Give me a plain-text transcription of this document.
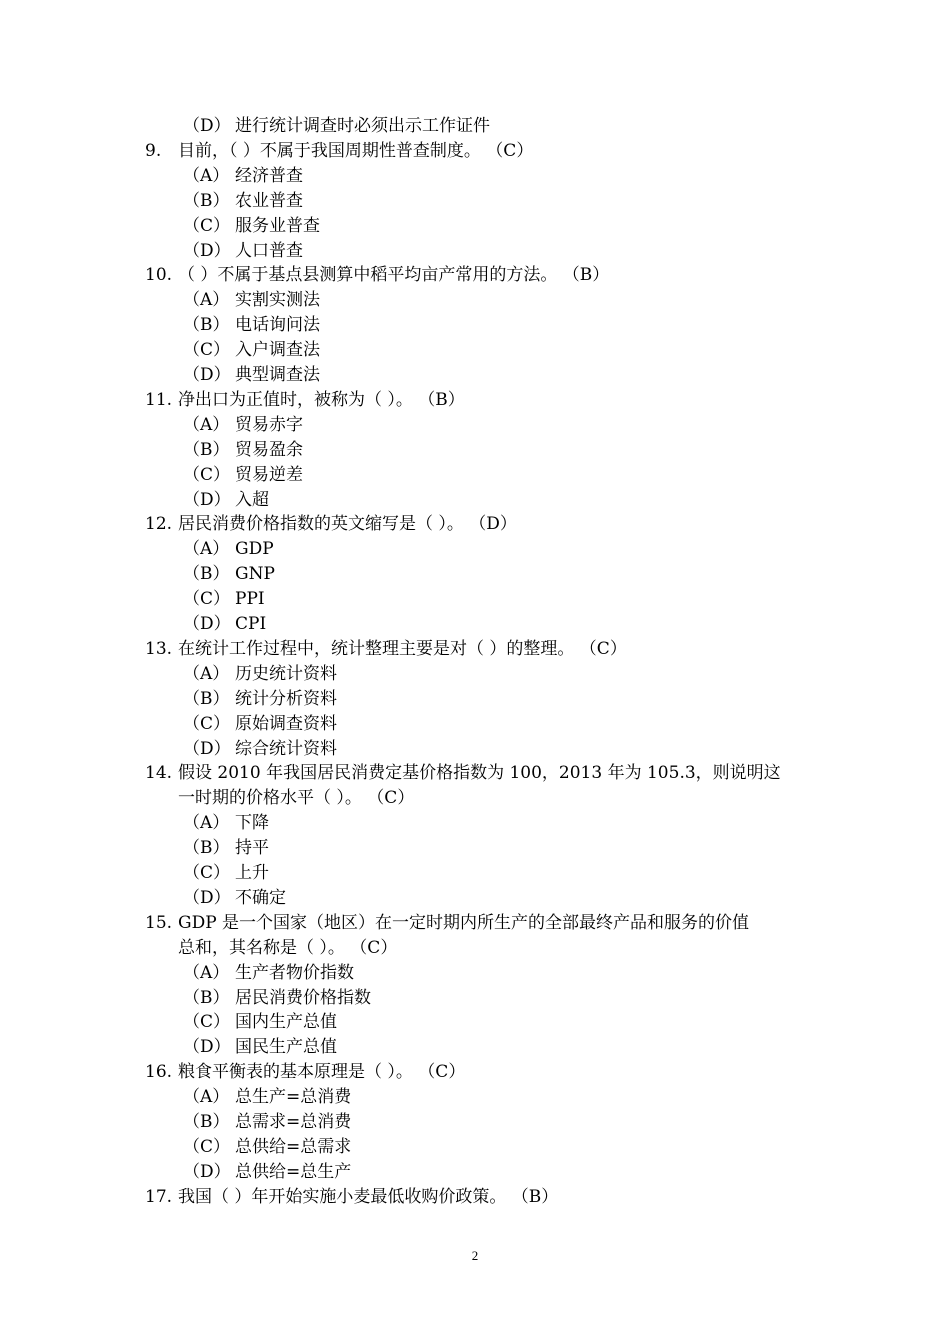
2
（D） 进行统计调查时必须出示工作证件
9. 目前，（ ）不属于我国周期性普查制度。 （C）
（A） 经济普查
（B） 农业普查
（C） 服务业普查
（D） 人口普查
10. （ ）不属于基点县测算中稻平均亩产常用的方法。 （B）
（A） 实割实测法
（B） 电话询问法
（C） 入户调查法
（D） 典型调查法
11. 净出口为正值时，被称为（ ）。 （B）
（A） 贸易赤字
（B） 贸易盈余
（C） 贸易逆差
（D） 入超
12. 居民消费价格指数的英文缩写是（ ）。 （D）
（A） GDP
（B） GNP
（C） PPI
（D） CPI
13. 在统计工作过程中，统计整理主要是对（ ）的整理。 （C）
（A） 历史统计资料
（B） 统计分析资料
（C） 原始调查资料
（D） 综合统计资料
14. 假设 2010 年我国居民消费定基价格指数为 100，2013 年为 105.3，则说明这
一时期的价格水平（ ）。 （C）
（A） 下降
（B） 持平
（C） 上升
（D） 不确定
15. GDP 是一个国家（地区）在一定时期内所生产的全部最终产品和服务的价值
总和，其名称是（ ）。 （C）
（A） 生产者物价指数
（B） 居民消费价格指数
（C） 国内生产总值
（D） 国民生产总值
16. 粮食平衡表的基本原理是（ ）。 （C）
（A） 总生产=总消费
（B） 总需求=总消费
（C） 总供给=总需求
（D） 总供给=总生产
17. 我国（ ）年开始实施小麦最低收购价政策。 （B）
